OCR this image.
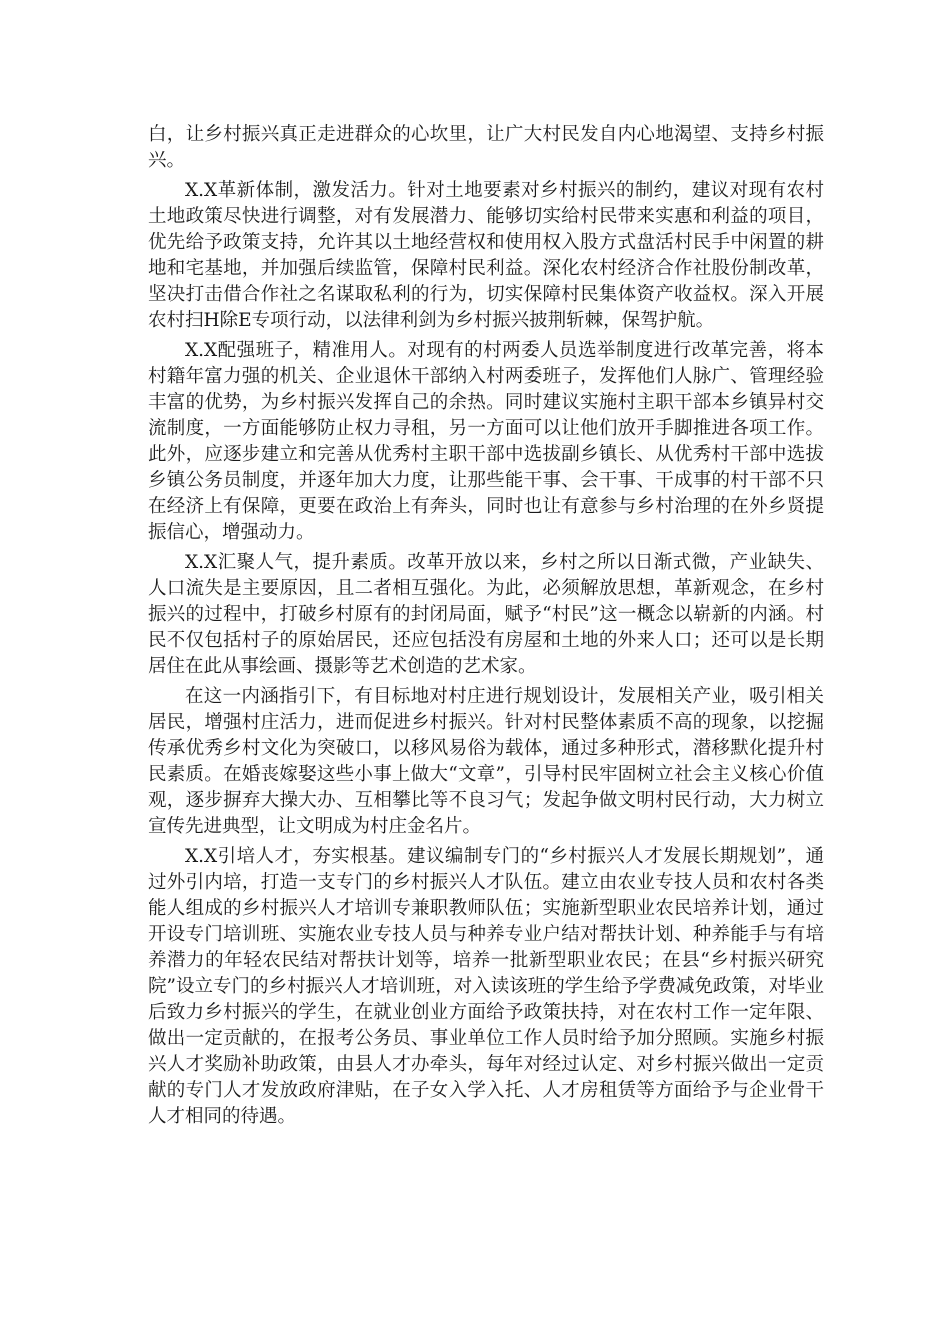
白，让乡村振兴真正走进群众的心坎里，让广大村民发自内心地渴望、支持乡村振兴。

X.X革新体制，激发活力。针对土地要素对乡村振兴的制约，建议对现有农村土地政策尽快进行调整，对有发展潜力、能够切实给村民带来实惠和利益的项目，优先给予政策支持，允许其以土地经营权和使用权入股方式盘活村民手中闲置的耕地和宅基地，并加强后续监管，保障村民利益。深化农村经济合作社股份制改革，坚决打击借合作社之名谋取私利的行为，切实保障村民集体资产收益权。深入开展农村扫H除E专项行动，以法律利剑为乡村振兴披荆斩棘，保驾护航。

X.X配强班子，精准用人。对现有的村两委人员选举制度进行改革完善，将本村籍年富力强的机关、企业退休干部纳入村两委班子，发挥他们人脉广、管理经验丰富的优势，为乡村振兴发挥自己的余热。同时建议实施村主职干部本乡镇异村交流制度，一方面能够防止权力寻租，另一方面可以让他们放开手脚推进各项工作。此外，应逐步建立和完善从优秀村主职干部中选拔副乡镇长、从优秀村干部中选拔乡镇公务员制度，并逐年加大力度，让那些能干事、会干事、干成事的村干部不只在经济上有保障，更要在政治上有奔头，同时也让有意参与乡村治理的在外乡贤提振信心，增强动力。

X.X汇聚人气，提升素质。改革开放以来，乡村之所以日渐式微，产业缺失、人口流失是主要原因，且二者相互强化。为此，必须解放思想，革新观念，在乡村振兴的过程中，打破乡村原有的封闭局面，赋予“村民”这一概念以崭新的内涵。村民不仅包括村子的原始居民，还应包括没有房屋和土地的外来人口；还可以是长期居住在此从事绘画、摄影等艺术创造的艺术家。

在这一内涵指引下，有目标地对村庄进行规划设计，发展相关产业，吸引相关居民，增强村庄活力，进而促进乡村振兴。针对村民整体素质不高的现象，以挖掘传承优秀乡村文化为突破口，以移风易俗为载体，通过多种形式，潜移默化提升村民素质。在婚丧嫁娶这些小事上做大“文章”，引导村民牢固树立社会主义核心价值观，逐步摒弃大操大办、互相攀比等不良习气；发起争做文明村民行动，大力树立宣传先进典型，让文明成为村庄金名片。

X.X引培人才，夯实根基。建议编制专门的“乡村振兴人才发展长期规划”，通过外引内培，打造一支专门的乡村振兴人才队伍。建立由农业专技人员和农村各类能人组成的乡村振兴人才培训专兼职教师队伍；实施新型职业农民培养计划，通过开设专门培训班、实施农业专技人员与种养专业户结对帮扶计划、种养能手与有培养潜力的年轻农民结对帮扶计划等，培养一批新型职业农民；在县“乡村振兴研究院”设立专门的乡村振兴人才培训班，对入读该班的学生给予学费减免政策，对毕业后致力乡村振兴的学生，在就业创业方面给予政策扶持，对在农村工作一定年限、做出一定贡献的，在报考公务员、事业单位工作人员时给予加分照顾。实施乡村振兴人才奖励补助政策，由县人才办牵头，每年对经过认定、对乡村振兴做出一定贡献的专门人才发放政府津贴，在子女入学入托、人才房租赁等方面给予与企业骨干人才相同的待遇。
